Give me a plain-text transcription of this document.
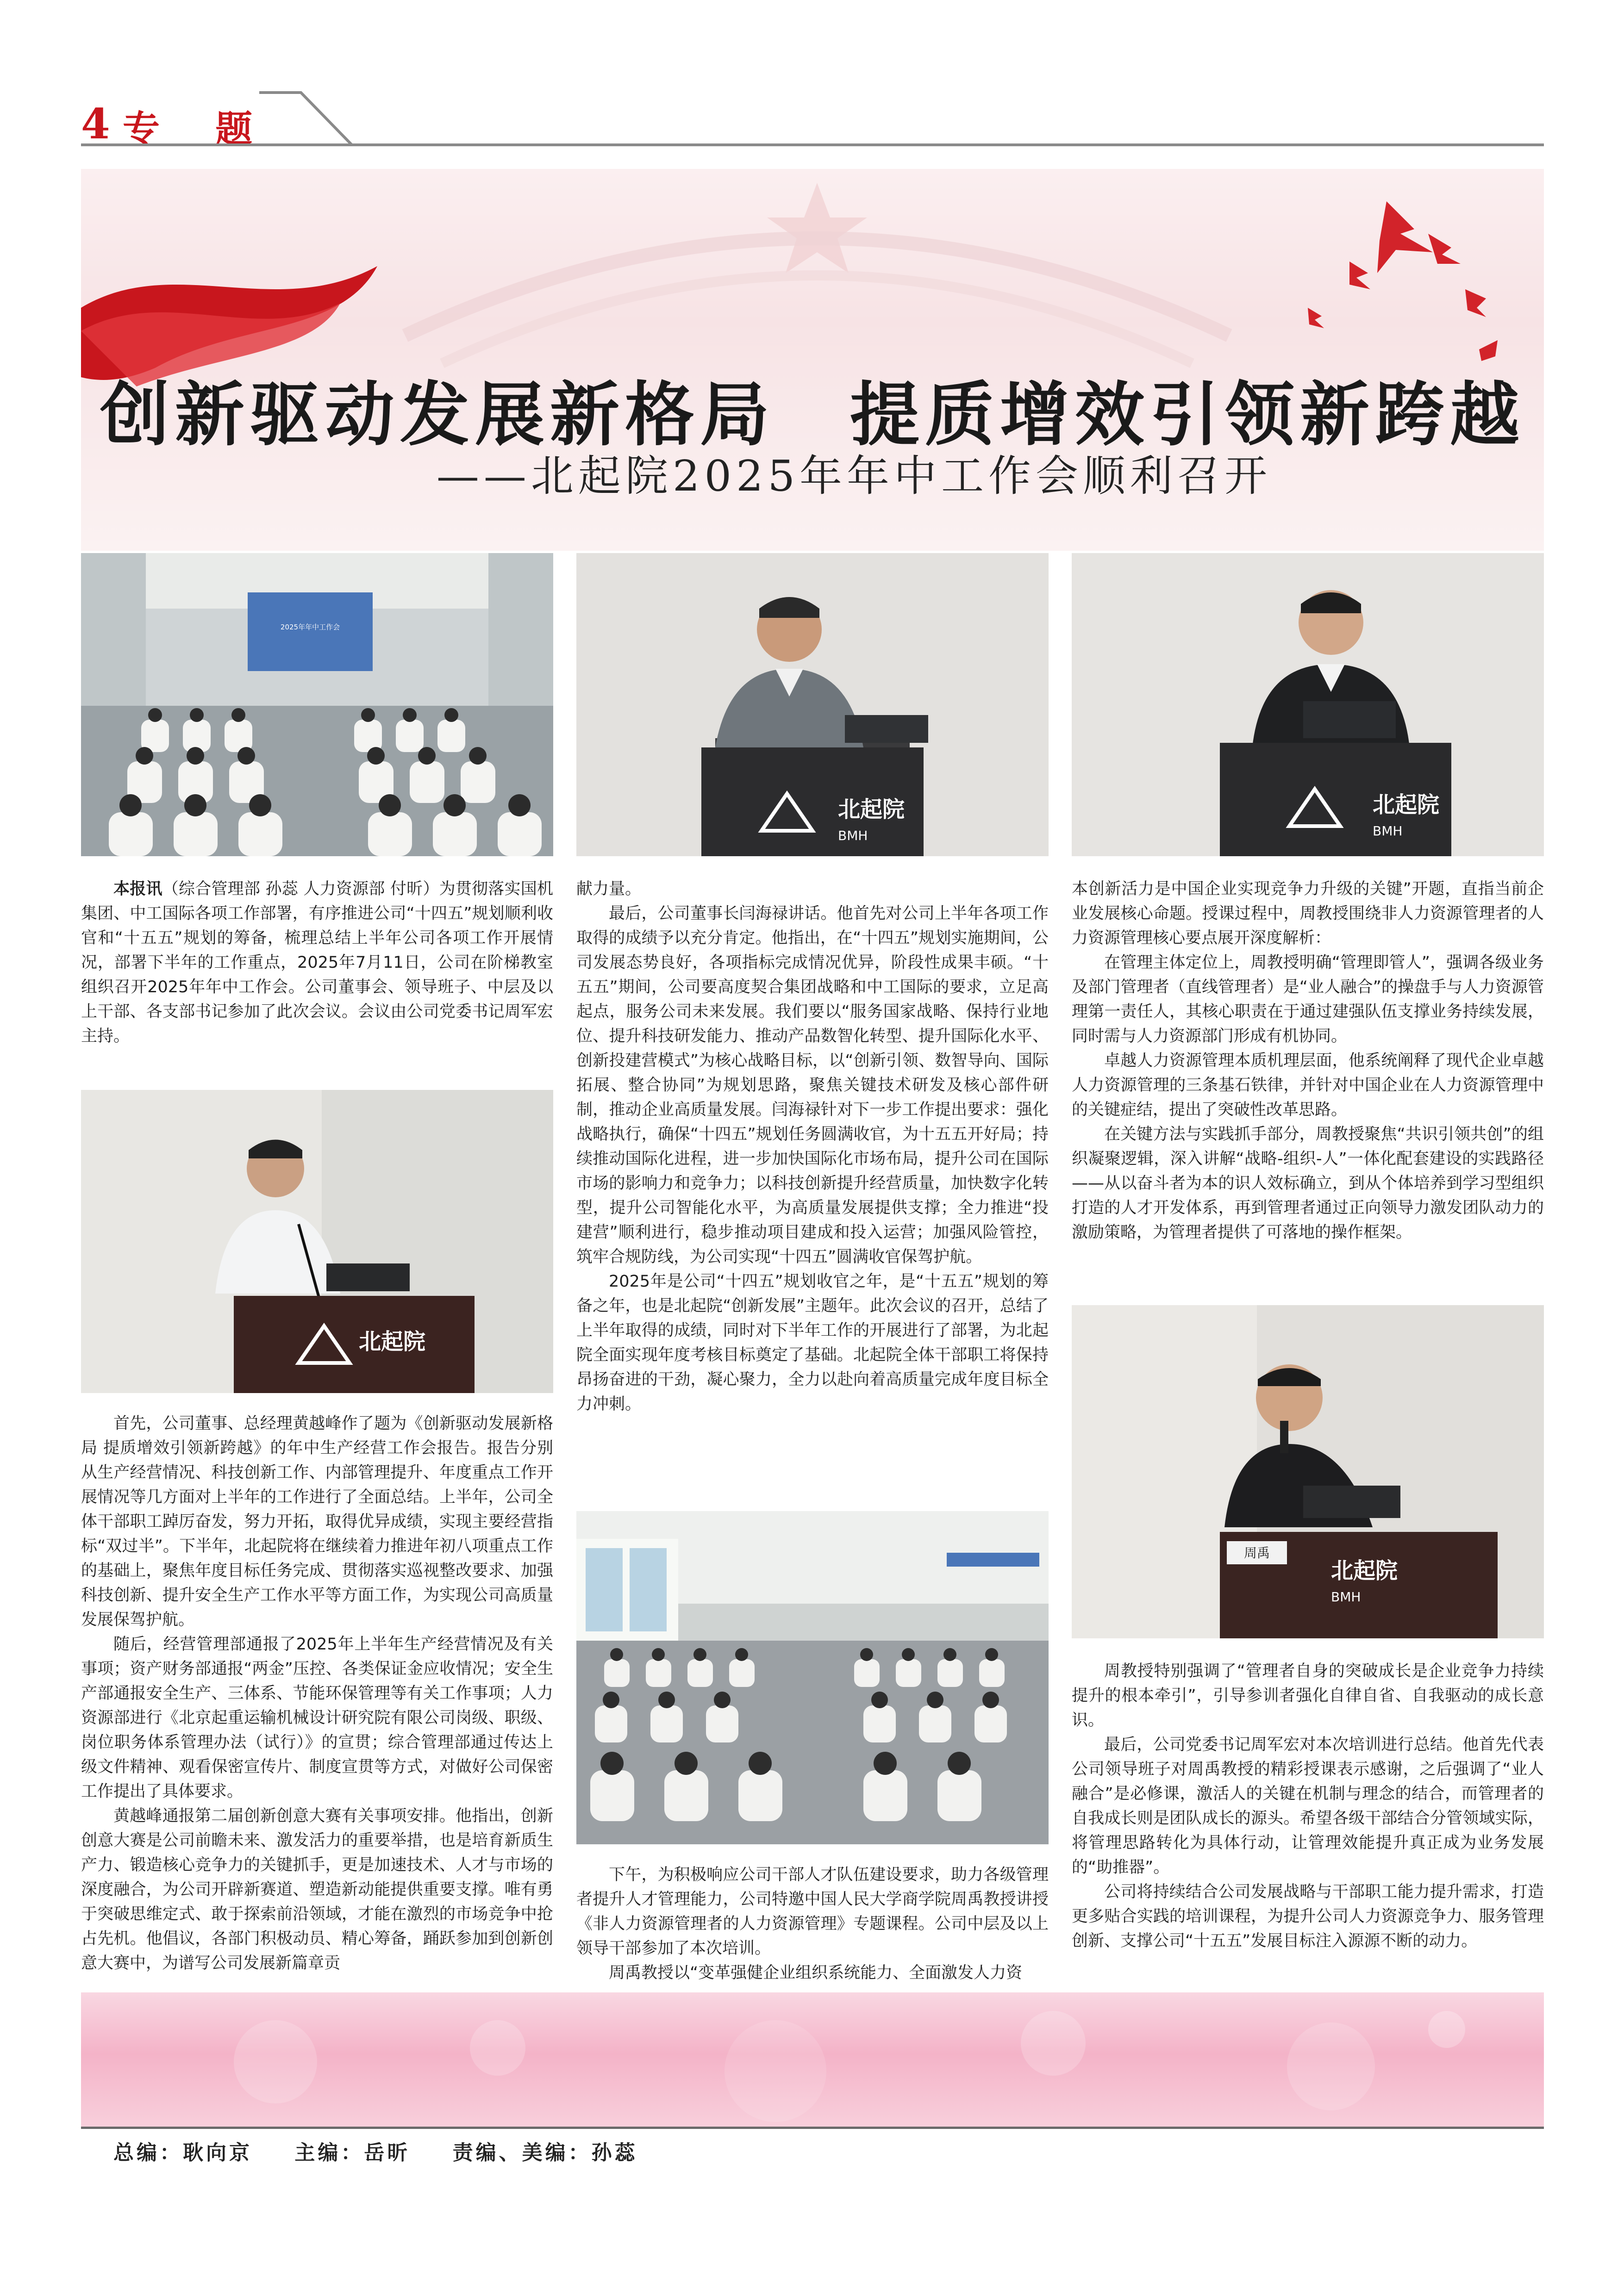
4 专题
创新驱动发展新格局　提质增效引领新跨越
——北起院2025年年中工作会顺利召开
2025年年中工作会
北起院
BMH
北起院
BMH
北起院
周禹
北起院
BMH

本报讯（综合管理部 孙蕊 人力资源部 付昕）为贯彻落实国机集团、中工国际各项工作部署，有序推进公司“十四五”规划顺利收官和“十五五”规划的筹备，梳理总结上半年公司各项工作开展情况，部署下半年的工作重点，2025年7月11日，公司在阶梯教室组织召开2025年年中工作会。公司董事会、领导班子、中层及以上干部、各支部书记参加了此次会议。会议由公司党委书记周军宏主持。

首先，公司董事、总经理黄越峰作了题为《创新驱动发展新格局 提质增效引领新跨越》的年中生产经营工作会报告。报告分别从生产经营情况、科技创新工作、内部管理提升、年度重点工作开展情况等几方面对上半年的工作进行了全面总结。上半年，公司全体干部职工踔厉奋发，努力开拓，取得优异成绩，实现主要经营指标“双过半”。下半年，北起院将在继续着力推进年初八项重点工作的基础上，聚焦年度目标任务完成、贯彻落实巡视整改要求、加强科技创新、提升安全生产工作水平等方面工作，为实现公司高质量发展保驾护航。

随后，经营管理部通报了2025年上半年生产经营情况及有关事项；资产财务部通报“两金”压控、各类保证金应收情况；安全生产部通报安全生产、三体系、节能环保管理等有关工作事项；人力资源部进行《北京起重运输机械设计研究院有限公司岗级、职级、岗位职务体系管理办法（试行）》的宣贯；综合管理部通过传达上级文件精神、观看保密宣传片、制度宣贯等方式，对做好公司保密工作提出了具体要求。

黄越峰通报第二届创新创意大赛有关事项安排。他指出，创新创意大赛是公司前瞻未来、激发活力的重要举措，也是培育新质生产力、锻造核心竞争力的关键抓手，更是加速技术、人才与市场的深度融合，为公司开辟新赛道、塑造新动能提供重要支撑。唯有勇于突破思维定式、敢于探索前沿领域，才能在激烈的市场竞争中抢占先机。他倡议，各部门积极动员、精心筹备，踊跃参加到创新创意大赛中，为谱写公司发展新篇章贡

献力量。

最后，公司董事长闫海禄讲话。他首先对公司上半年各项工作取得的成绩予以充分肯定。他指出，在“十四五”规划实施期间，公司发展态势良好，各项指标完成情况优异，阶段性成果丰硕。“十五五”期间，公司要高度契合集团战略和中工国际的要求，立足高起点，服务公司未来发展。我们要以“服务国家战略、保持行业地位、提升科技研发能力、推动产品数智化转型、提升国际化水平、创新投建营模式”为核心战略目标，以“创新引领、数智导向、国际拓展、整合协同”为规划思路，聚焦关键技术研发及核心部件研制，推动企业高质量发展。闫海禄针对下一步工作提出要求：强化战略执行，确保“十四五”规划任务圆满收官，为十五五开好局；持续推动国际化进程，进一步加快国际化市场布局，提升公司在国际市场的影响力和竞争力；以科技创新提升经营质量，加快数字化转型，提升公司智能化水平，为高质量发展提供支撑；全力推进“投建营”顺利进行，稳步推动项目建成和投入运营；加强风险管控，筑牢合规防线，为公司实现“十四五”圆满收官保驾护航。

2025年是公司“十四五”规划收官之年，是“十五五”规划的筹备之年，也是北起院“创新发展”主题年。此次会议的召开，总结了上半年取得的成绩，同时对下半年工作的开展进行了部署，为北起院全面实现年度考核目标奠定了基础。北起院全体干部职工将保持昂扬奋进的干劲，凝心聚力，全力以赴向着高质量完成年度目标全力冲刺。

下午，为积极响应公司干部人才队伍建设要求，助力各级管理者提升人才管理能力，公司特邀中国人民大学商学院周禹教授讲授《非人力资源管理者的人力资源管理》专题课程。公司中层及以上领导干部参加了本次培训。

周禹教授以“变革强健企业组织系统能力、全面激发人力资

本创新活力是中国企业实现竞争力升级的关键”开题，直指当前企业发展核心命题。授课过程中，周教授围绕非人力资源管理者的人力资源管理核心要点展开深度解析：

在管理主体定位上，周教授明确“管理即管人”，强调各级业务及部门管理者（直线管理者）是“业人融合”的操盘手与人力资源管理第一责任人，其核心职责在于通过建强队伍支撑业务持续发展，同时需与人力资源部门形成有机协同。

卓越人力资源管理本质机理层面，他系统阐释了现代企业卓越人力资源管理的三条基石铁律，并针对中国企业在人力资源管理中的关键症结，提出了突破性改革思路。

在关键方法与实践抓手部分，周教授聚焦“共识引领共创”的组织凝聚逻辑，深入讲解“战略-组织-人”一体化配套建设的实践路径——从以奋斗者为本的识人效标确立，到从个体培养到学习型组织打造的人才开发体系，再到管理者通过正向领导力激发团队动力的激励策略，为管理者提供了可落地的操作框架。

周教授特别强调了“管理者自身的突破成长是企业竞争力持续提升的根本牵引”，引导参训者强化自律自省、自我驱动的成长意识。

最后，公司党委书记周军宏对本次培训进行总结。他首先代表公司领导班子对周禹教授的精彩授课表示感谢，之后强调了“业人融合”是必修课，激活人的关键在机制与理念的结合，而管理者的自我成长则是团队成长的源头。希望各级干部结合分管领域实际，将管理思路转化为具体行动，让管理效能提升真正成为业务发展的“助推器”。

公司将持续结合公司发展战略与干部职工能力提升需求，打造更多贴合实践的培训课程，为提升公司人力资源竞争力、服务管理创新、支撑公司“十五五”发展目标注入源源不断的动力。

总编：耿向京 主编：岳昕 责编、美编：孙蕊
